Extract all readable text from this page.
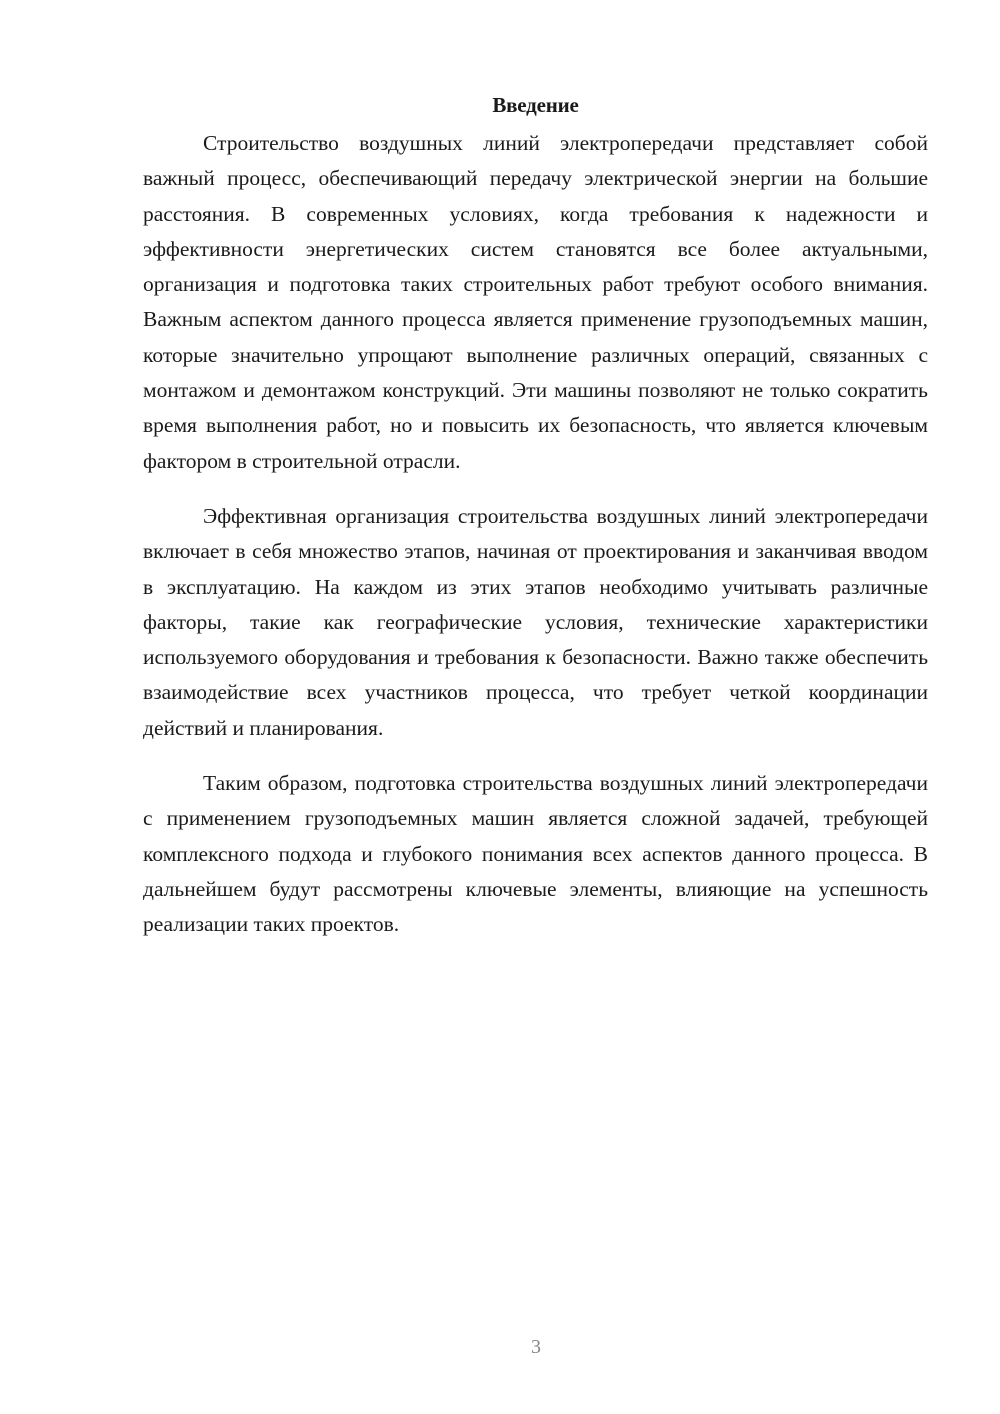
Введение

Строительство воздушных линий электропередачи представляет собой важный процесс, обеспечивающий передачу электрической энергии на большие расстояния. В современных условиях, когда требования к надежности и эффективности энергетических систем становятся все более актуальными, организация и подготовка таких строительных работ требуют особого внимания. Важным аспектом данного процесса является применение грузоподъемных машин, которые значительно упрощают выполнение различных операций, связанных с монтажом и демонтажом конструкций. Эти машины позволяют не только сократить время выполнения работ, но и повысить их безопасность, что является ключевым фактором в строительной отрасли.

Эффективная организация строительства воздушных линий электропередачи включает в себя множество этапов, начиная от проектирования и заканчивая вводом в эксплуатацию. На каждом из этих этапов необходимо учитывать различные факторы, такие как географические условия, технические характеристики используемого оборудования и требования к безопасности. Важно также обеспечить взаимодействие всех участников процесса, что требует четкой координации действий и планирования.

Таким образом, подготовка строительства воздушных линий электропередачи с применением грузоподъемных машин является сложной задачей, требующей комплексного подхода и глубокого понимания всех аспектов данного процесса. В дальнейшем будут рассмотрены ключевые элементы, влияющие на успешность реализации таких проектов.

3
